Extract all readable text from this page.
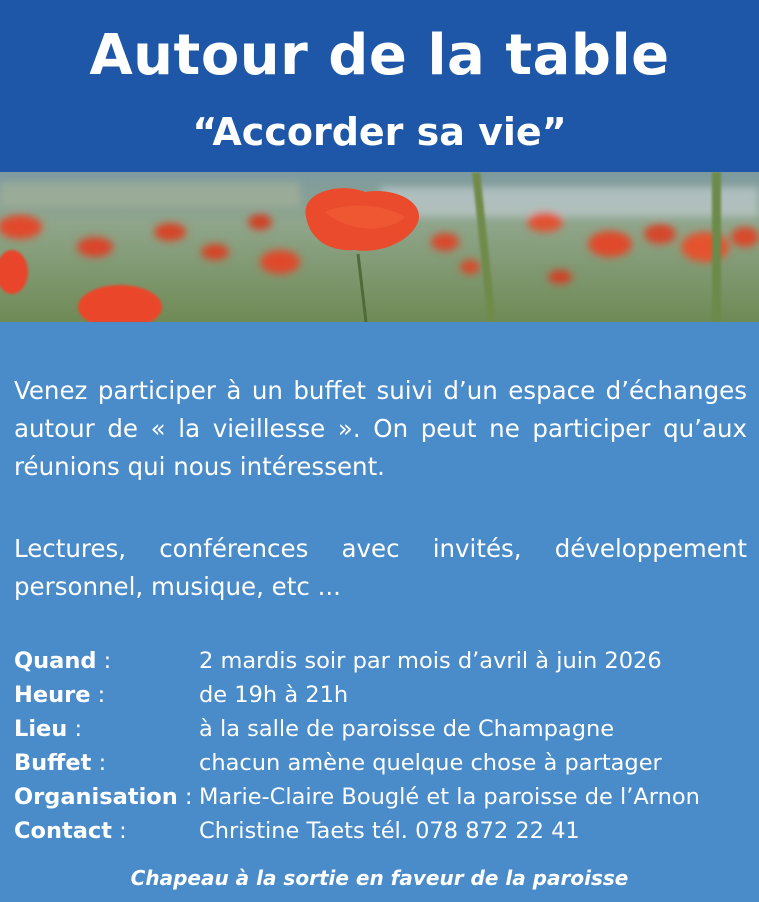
Autour de la table
“Accorder sa vie”
Venez participer à un buffet suivi d’un espace d’échanges autour de « la vieillesse ». On peut ne participer qu’aux réunions qui nous intéressent.
Lectures, conférences avec invités, développement personnel, musique, etc ...
Quand :	2 mardis soir par mois d’avril à juin 2026
Heure :	de 19h à 21h
Lieu :	à la salle de paroisse de Champagne
Buffet :	chacun amène quelque chose à partager
Organisation : Marie-Claire Bouglé et la paroisse de l’Arnon
Contact :	Christine Taets tél. 078 872 22 41
Chapeau à la sortie en faveur de la paroisse
